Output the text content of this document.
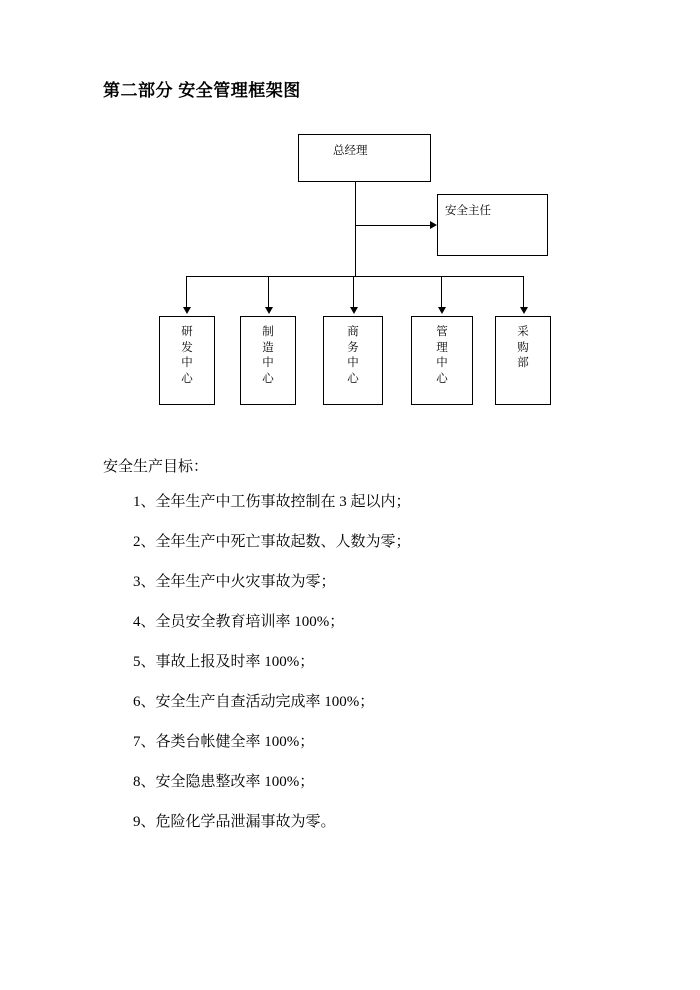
第二部分 安全管理框架图
总经理
安全主任
研
发
中
心
制
造
中
心
商
务
中
心
管
理
中
心
采
购
部
安全生产目标：
1、全年生产中工伤事故控制在 3 起以内；
2、全年生产中死亡事故起数、人数为零；
3、全年生产中火灾事故为零；
4、全员安全教育培训率 100%；
5、事故上报及时率 100%；
6、安全生产自查活动完成率 100%；
7、各类台帐健全率 100%；
8、安全隐患整改率 100%；
9、危险化学品泄漏事故为零。
